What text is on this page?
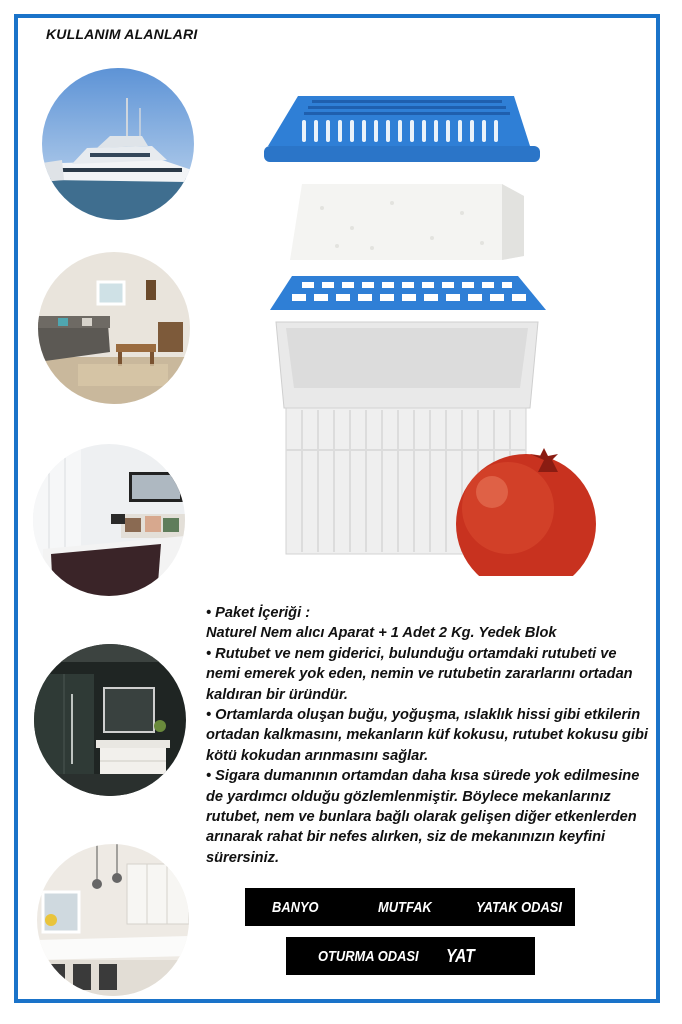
KULLANIM ALANLARI

• Paket İçeriği :

Naturel Nem alıcı Aparat + 1 Adet 2 Kg. Yedek Blok

• Rutubet ve nem giderici, bulunduğu ortamdaki rutubeti ve nemi emerek yok eden, nemin ve rutubetin zararlarını ortadan kaldıran bir üründür.

• Ortamlarda oluşan buğu, yoğuşma, ıslaklık hissi gibi etkilerin ortadan kalkmasını, mekanların küf kokusu, rutubet kokusu gibi kötü kokudan arınmasını sağlar.

• Sigara dumanının ortamdan daha kısa sürede yok edilmesine de yardımcı olduğu gözlemlenmiştir. Böylece mekanlarınız rutubet, nem ve bunlara bağlı olarak gelişen diğer etkenlerden arınarak rahat bir nefes alırken, siz de mekanınızın keyfini sürersiniz.

BANYO	MUTFAK	YATAK ODASI
OTURMA ODASI YAT
